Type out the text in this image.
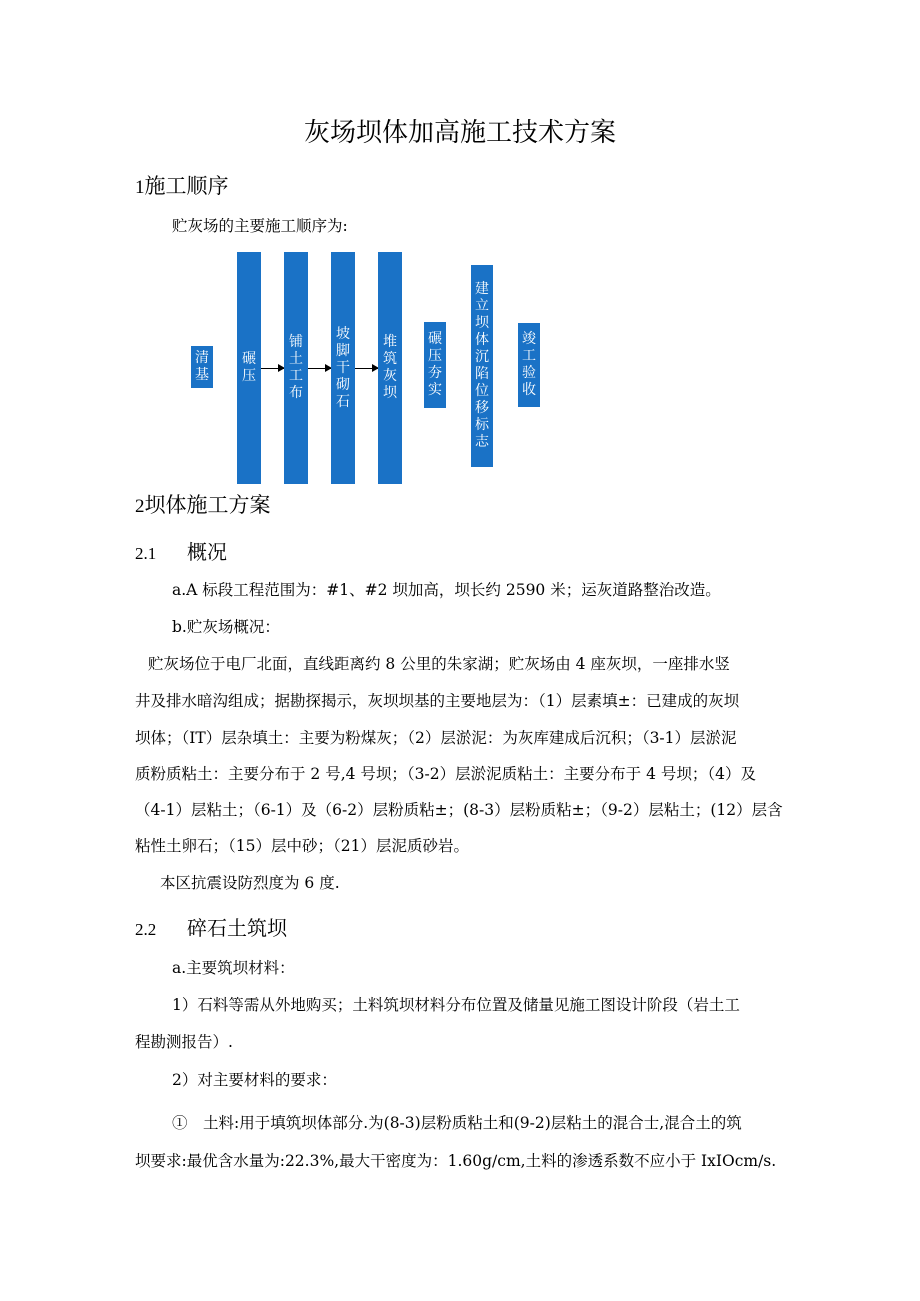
灰场坝体加高施工技术方案
1施工顺序
贮灰场的主要施工顺序为:
清基
碾压
铺土工布
坡脚干砌石
堆筑灰坝
碾压夯实
建立坝体沉陷位移标志
竣工验收
2坝体施工方案
2.1 概况
a.A 标段工程范围为：#1、#2 坝加高，坝长约 2590 米；运灰道路整治改造。
b.贮灰场概况：
贮灰场位于电厂北面，直线距离约 8 公里的朱家湖；贮灰场由 4 座灰坝，一座排水竖
井及排水暗沟组成；据勘探揭示，灰坝坝基的主要地层为：（1）层素填±：已建成的灰坝
坝体；（IT）层杂填土：主要为粉煤灰；（2）层淤泥：为灰库建成后沉积；（3-1）层淤泥
质粉质粘土：主要分布于 2 号,4 号坝；（3-2）层淤泥质粘土：主要分布于 4 号坝；（4）及
（4-1）层粘土；（6-1）及（6-2）层粉质粘±；(8-3）层粉质粘±；（9-2）层粘土；(12）层含
粘性土卵石；（15）层中砂；（21）层泥质砂岩。
本区抗震设防烈度为 6 度.
2.2 碎石土筑坝
a.主要筑坝材料：
1）石料等需从外地购买；土料筑坝材料分布位置及储量见施工图设计阶段（岩土工
程勘测报告）.
2）对主要材料的要求：
①　土料:用于填筑坝体部分.为(8-3)层粉质粘土和(9-2)层粘土的混合士,混合土的筑
坝要求:最优含水量为:22.3%,最大干密度为：1.60g∕cm,土料的渗透系数不应小于 IxIOcm∕s.
